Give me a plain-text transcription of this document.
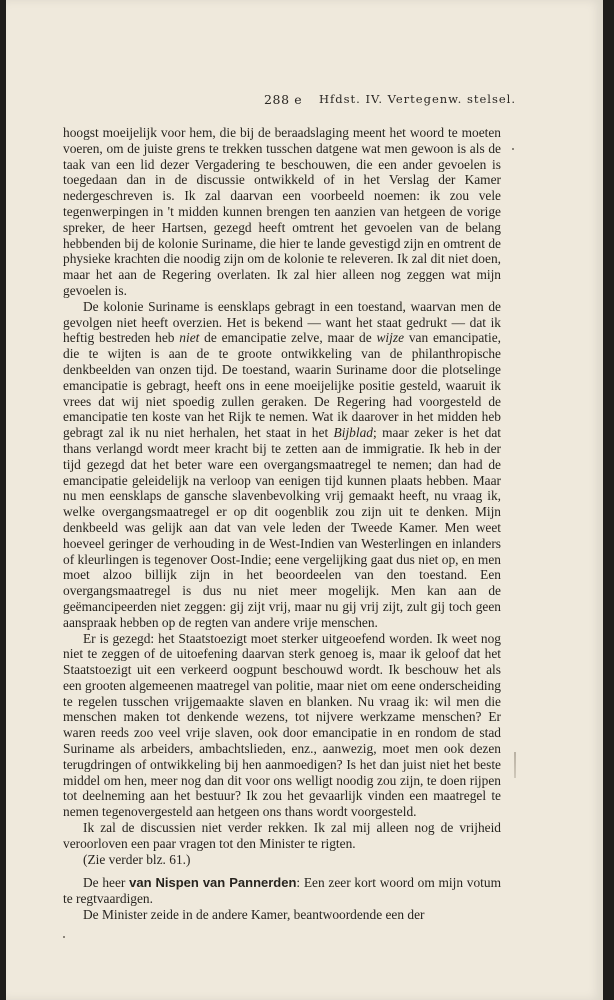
288 e Hfdst. IV. Vertegenw. stelsel.

hoogst moeijelijk voor hem, die bij de beraadslaging meent het woord te moeten voeren, om de juiste grens te trekken tusschen datgene wat men gewoon is als de taak van een lid dezer Vergadering te beschouwen, die een ander gevoelen is toegedaan dan in de discussie ontwikkeld of in het Verslag der Kamer nedergeschreven is. Ik zal daarvan een voorbeeld noemen: ik zou vele tegenwerpingen in 't midden kunnen brengen ten aanzien van hetgeen de vorige spreker, de heer Hartsen, gezegd heeft omtrent het gevoelen van de belang hebbenden bij de kolonie Suriname, die hier te lande gevestigd zijn en omtrent de physieke krachten die noodig zijn om de kolonie te releveren. Ik zal dit niet doen, maar het aan de Regering overlaten. Ik zal hier alleen nog zeggen wat mijn gevoelen is.

De kolonie Suriname is eensklaps gebragt in een toestand, waarvan men de gevolgen niet heeft overzien. Het is bekend — want het staat gedrukt — dat ik heftig bestreden heb niet de emancipatie zelve, maar de wijze van emancipatie, die te wijten is aan de te groote ontwikkeling van de philanthropische denkbeelden van onzen tijd. De toestand, waarin Suriname door die plotselinge emancipatie is gebragt, heeft ons in eene moeijelijke positie gesteld, waaruit ik vrees dat wij niet spoedig zullen geraken. De Regering had voorgesteld de emancipatie ten koste van het Rijk te nemen. Wat ik daarover in het midden heb gebragt zal ik nu niet herhalen, het staat in het Bijblad; maar zeker is het dat thans verlangd wordt meer kracht bij te zetten aan de immigratie. Ik heb in der tijd gezegd dat het beter ware een overgangsmaatregel te nemen; dan had de emancipatie geleidelijk na verloop van eenigen tijd kunnen plaats hebben. Maar nu men eensklaps de gansche slavenbevolking vrij gemaakt heeft, nu vraag ik, welke overgangsmaatregel er op dit oogenblik zou zijn uit te denken. Mijn denkbeeld was gelijk aan dat van vele leden der Tweede Kamer. Men weet hoeveel geringer de verhouding in de West-Indien van Westerlingen en inlanders of kleurlingen is tegenover Oost-Indie; eene vergelijking gaat dus niet op, en men moet alzoo billijk zijn in het beoordeelen van den toestand. Een overgangsmaatregel is dus nu niet meer mogelijk. Men kan aan de geëmancipeerden niet zeggen: gij zijt vrij, maar nu gij vrij zijt, zult gij toch geen aanspraak hebben op de regten van andere vrije menschen.

Er is gezegd: het Staatstoezigt moet sterker uitgeoefend worden. Ik weet nog niet te zeggen of de uitoefening daarvan sterk genoeg is, maar ik geloof dat het Staatstoezigt uit een verkeerd oogpunt beschouwd wordt. Ik beschouw het als een grooten algemeenen maatregel van politie, maar niet om eene onderscheiding te regelen tusschen vrijgemaakte slaven en blanken. Nu vraag ik: wil men die menschen maken tot denkende wezens, tot nijvere werkzame menschen? Er waren reeds zoo veel vrije slaven, ook door emancipatie in en rondom de stad Suriname als arbeiders, ambachtslieden, enz., aanwezig, moet men ook dezen terugdringen of ontwikkeling bij hen aanmoedigen? Is het dan juist niet het beste middel om hen, meer nog dan dit voor ons welligt noodig zou zijn, te doen rijpen tot deelneming aan het bestuur? Ik zou het gevaarlijk vinden een maatregel te nemen tegenovergesteld aan hetgeen ons thans wordt voorgesteld.

Ik zal de discussien niet verder rekken. Ik zal mij alleen nog de vrijheid veroorloven een paar vragen tot den Minister te rigten.

(Zie verder blz. 61.)

De heer van Nispen van Pannerden: Een zeer kort woord om mijn votum te regtvaardigen.

De Minister zeide in de andere Kamer, beantwoordende een der
